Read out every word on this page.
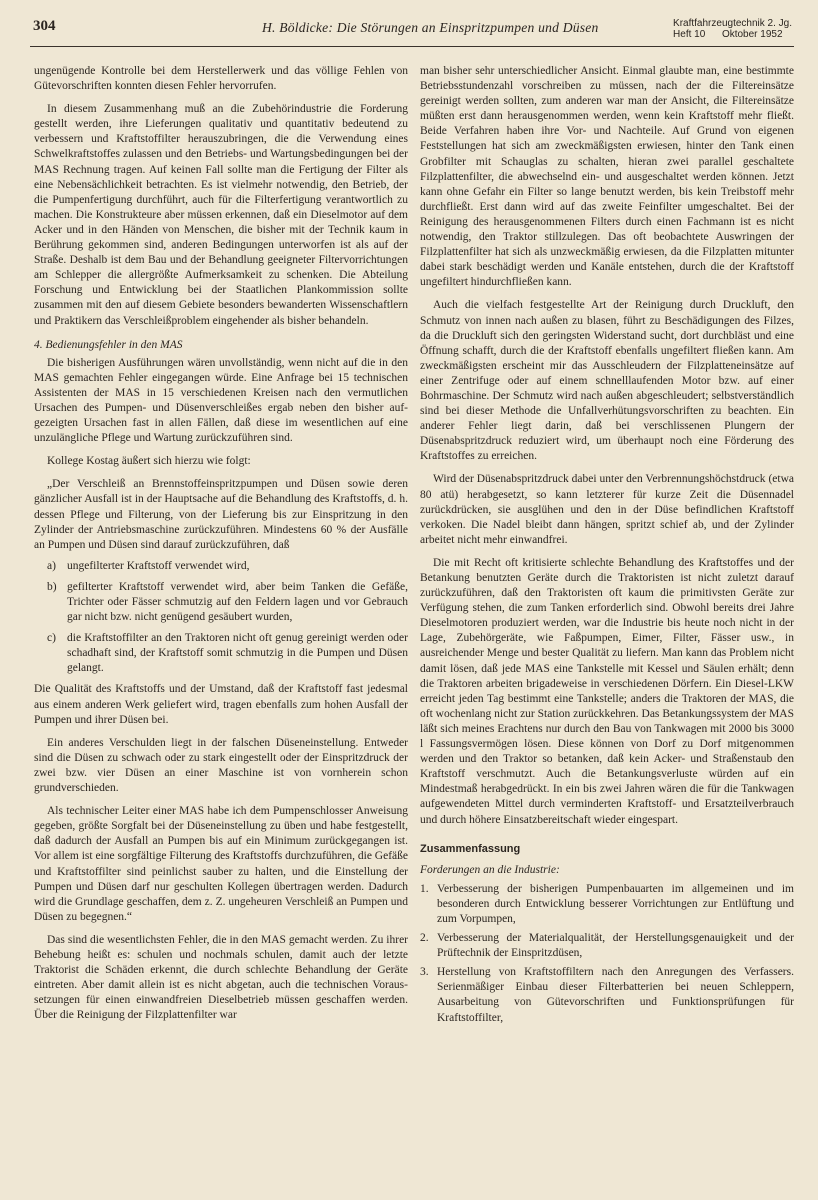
304	H. Böldicke: Die Störungen an Einspritzpumpen und Düsen	Kraftfahrzeugtechnik 2. Jg.
Heft 10      Oktober 1952

ungenügende Kontrolle bei dem Herstellerwerk und das völlige Fehlen von Gütevorschriften konnten diesen Fehler hervorrufen.

In diesem Zusammenhang muß an die Zubehörindustrie die Forderung gestellt werden, ihre Lieferungen qualitativ und quantitativ bedeutend zu verbessern und Kraftstoffilter herauszubringen, die die Verwendung eines Schwelkraftstoffes zulassen und den Betriebs- und Wartungsbedingungen bei der MAS Rechnung tragen. Auf keinen Fall sollte man die Fertigung der Filter als eine Nebensächlichkeit betrachten. Es ist vielmehr notwendig, den Betrieb, der die Pumpenfertigung durchführt, auch für die Filterfertigung verantwortlich zu machen. Die Konstrukteure aber müssen erkennen, daß ein Dieselmotor auf dem Acker und in den Händen von Menschen, die bisher mit der Technik kaum in Berührung gekommen sind, anderen Bedingungen unterworfen ist als auf der Straße. Deshalb ist dem Bau und der Behandlung geeigneter Filtervorrichtungen am Schlepper die allergrößte Aufmerksamkeit zu schenken. Die Abteilung Forschung und Entwicklung bei der Staatlichen Plankommission sollte zusammen mit den auf diesem Gebiete besonders bewanderten Wissenschaftlern und Praktikern das Verschleißproblem eingehender als bisher behandeln.

4. Bedienungsfehler in den MAS

Die bisherigen Ausführungen wären unvollständig, wenn nicht auf die in den MAS gemachten Fehler eingegangen würde. Eine Anfrage bei 15 technischen Assistenten der MAS in 15 verschiedenen Kreisen nach den vermutlichen Ursachen des Pumpen- und Düsenverschleißes ergab neben den bisher aufgezeigten Ursachen fast in allen Fällen, daß diese im wesentlichen auf eine unzulängliche Pflege und Wartung zurückzuführen sind.

Kollege Kostag äußert sich hierzu wie folgt:

„Der Verschleiß an Brennstoffeinspritzpumpen und Düsen sowie deren gänzlicher Ausfall ist in der Hauptsache auf die Behandlung des Kraftstoffs, d. h. dessen Pflege und Filterung, von der Lieferung bis zur Einspritzung in den Zylinder der Antriebsmaschine zurückzuführen. Mindestens 60 % der Ausfälle an Pumpen und Düsen sind darauf zurückzuführen, daß

a) ungefilterter Kraftstoff verwendet wird,
b) gefilterter Kraftstoff verwendet wird, aber beim Tanken die Gefäße, Trichter oder Fässer schmutzig auf den Feldern lagen und vor Gebrauch gar nicht bzw. nicht genügend gesäubert wurden,
c) die Kraftstoffilter an den Traktoren nicht oft genug gereinigt werden oder schadhaft sind, der Kraftstoff somit schmutzig in die Pumpen und Düsen gelangt.

Die Qualität des Kraftstoffs und der Umstand, daß der Kraftstoff fast jedesmal aus einem anderen Werk geliefert wird, tragen ebenfalls zum hohen Ausfall der Pumpen und ihrer Düsen bei.

Ein anderes Verschulden liegt in der falschen Düseneinstellung. Entweder sind die Düsen zu schwach oder zu stark eingestellt oder der Einspritzdruck der zwei bzw. vier Düsen an einer Maschine ist von vornherein schon grundverschieden.

Als technischer Leiter einer MAS habe ich dem Pumpenschlosser Anweisung gegeben, größte Sorgfalt bei der Düseneinstellung zu üben und habe festgestellt, daß dadurch der Ausfall an Pumpen bis auf ein Minimum zurückgegangen ist. Vor allem ist eine sorgfältige Filterung des Kraftstoffs durchzuführen, die Gefäße und Kraftstoffilter sind peinlichst sauber zu halten, und die Einstellung der Pumpen und Düsen darf nur geschulten Kollegen übertragen werden. Dadurch wird die Grundlage geschaffen, dem z. Z. ungeheuren Verschleiß an Pumpen und Düsen zu begegnen.“

Das sind die wesentlichsten Fehler, die in den MAS gemacht werden. Zu ihrer Behebung heißt es: schulen und nochmals schulen, damit auch der letzte Traktorist die Schäden erkennt, die durch schlechte Behandlung der Geräte eintreten. Aber damit allein ist es nicht abgetan, auch die technischen Voraussetzungen für einen einwandfreien Dieselbetrieb müssen geschaffen werden. Über die Reinigung der Filzplattenfilter war

man bisher sehr unterschiedlicher Ansicht. Einmal glaubte man, eine bestimmte Betriebsstundenzahl vorschreiben zu müssen, nach der die Filtereinsätze gereinigt werden sollten, zum anderen war man der Ansicht, die Filtereinsätze müßten erst dann herausgenommen werden, wenn kein Kraftstoff mehr fließt. Beide Verfahren haben ihre Vor- und Nachteile. Auf Grund von eigenen Feststellungen hat sich am zweckmäßigsten erwiesen, hinter den Tank einen Grobfilter mit Schauglas zu schalten, hieran zwei parallel geschaltete Filzplattenfilter, die abwechselnd ein- und ausgeschaltet werden können. Jetzt kann ohne Gefahr ein Filter so lange benutzt werden, bis kein Treibstoff mehr durchfließt. Erst dann wird auf das zweite Feinfilter umgeschaltet. Bei der Reinigung des herausgenommenen Filters durch einen Fachmann ist es nicht notwendig, den Traktor stillzulegen. Das oft beobachtete Auswringen der Filzplattenfilter hat sich als unzweckmäßig erwiesen, da die Filzplatten mitunter dabei stark beschädigt werden und Kanäle entstehen, durch die der Kraftstoff ungefiltert hindurchfließen kann.

Auch die vielfach festgestellte Art der Reinigung durch Druckluft, den Schmutz von innen nach außen zu blasen, führt zu Beschädigungen des Filzes, da die Druckluft sich den geringsten Widerstand sucht, dort durchbläst und eine Öffnung schafft, durch die der Kraftstoff ebenfalls ungefiltert fließen kann. Am zweckmäßigsten erscheint mir das Ausschleudern der Filzplatteneinsätze auf einer Zentrifuge oder auf einem schnelllaufenden Motor bzw. auf einer Bohrmaschine. Der Schmutz wird nach außen abgeschleudert; selbstverständlich sind bei dieser Methode die Unfallverhütungsvorschriften zu beachten. Ein anderer Fehler liegt darin, daß bei verschlissenen Plungern der Düsenabspritzdruck reduziert wird, um überhaupt noch eine Förderung des Kraftstoffes zu erreichen.

Wird der Düsenabspritzdruck dabei unter den Verbrennungshöchstdruck (etwa 80 atü) herabgesetzt, so kann letzterer für kurze Zeit die Düsennadel zurückdrücken, sie ausglühen und den in der Düse befindlichen Kraftstoff verkoken. Die Nadel bleibt dann hängen, spritzt schief ab, und der Zylinder arbeitet nicht mehr einwandfrei.

Die mit Recht oft kritisierte schlechte Behandlung des Kraftstoffes und der Betankung benutzten Geräte durch die Traktoristen ist nicht zuletzt darauf zurückzuführen, daß den Traktoristen oft kaum die primitivsten Geräte zur Verfügung stehen, die zum Tanken erforderlich sind. Obwohl bereits drei Jahre Dieselmotoren produziert werden, war die Industrie bis heute noch nicht in der Lage, Zubehörgeräte, wie Faßpumpen, Eimer, Filter, Fässer usw., in ausreichender Menge und bester Qualität zu liefern. Man kann das Problem nicht damit lösen, daß jede MAS eine Tankstelle mit Kessel und Säulen erhält; denn die Traktoren arbeiten brigadeweise in verschiedenen Dörfern. Ein Diesel-LKW erreicht jeden Tag bestimmt eine Tankstelle; anders die Traktoren der MAS, die oft wochenlang nicht zur Station zurückkehren. Das Betankungssystem der MAS läßt sich meines Erachtens nur durch den Bau von Tankwagen mit 2000 bis 3000 l Fassungsvermögen lösen. Diese können von Dorf zu Dorf mitgenommen werden und den Traktor so betanken, daß kein Acker- und Straßenstaub den Kraftstoff verschmutzt. Auch die Betankungsverluste würden auf ein Mindestmaß herabgedrückt. In ein bis zwei Jahren wären die für die Tankwagen aufgewendeten Mittel durch verminderten Kraftstoff- und Ersatzteilverbrauch und durch höhere Einsatzbereitschaft wieder eingespart.

Zusammenfassung
Forderungen an die Industrie:
1. Verbesserung der bisherigen Pumpenbauarten im allgemeinen und im besonderen durch Entwicklung besserer Vorrichtungen zur Entlüftung und zum Vorpumpen,
2. Verbesserung der Materialqualität, der Herstellungsgenauigkeit und der Prüftechnik der Einspritzdüsen,
3. Herstellung von Kraftstoffiltern nach den Anregungen des Verfassers. Serienmäßiger Einbau dieser Filterbatterien bei neuen Schleppern, Ausarbeitung von Gütevorschriften und Funktionsprüfungen für Kraftstoffilter,
